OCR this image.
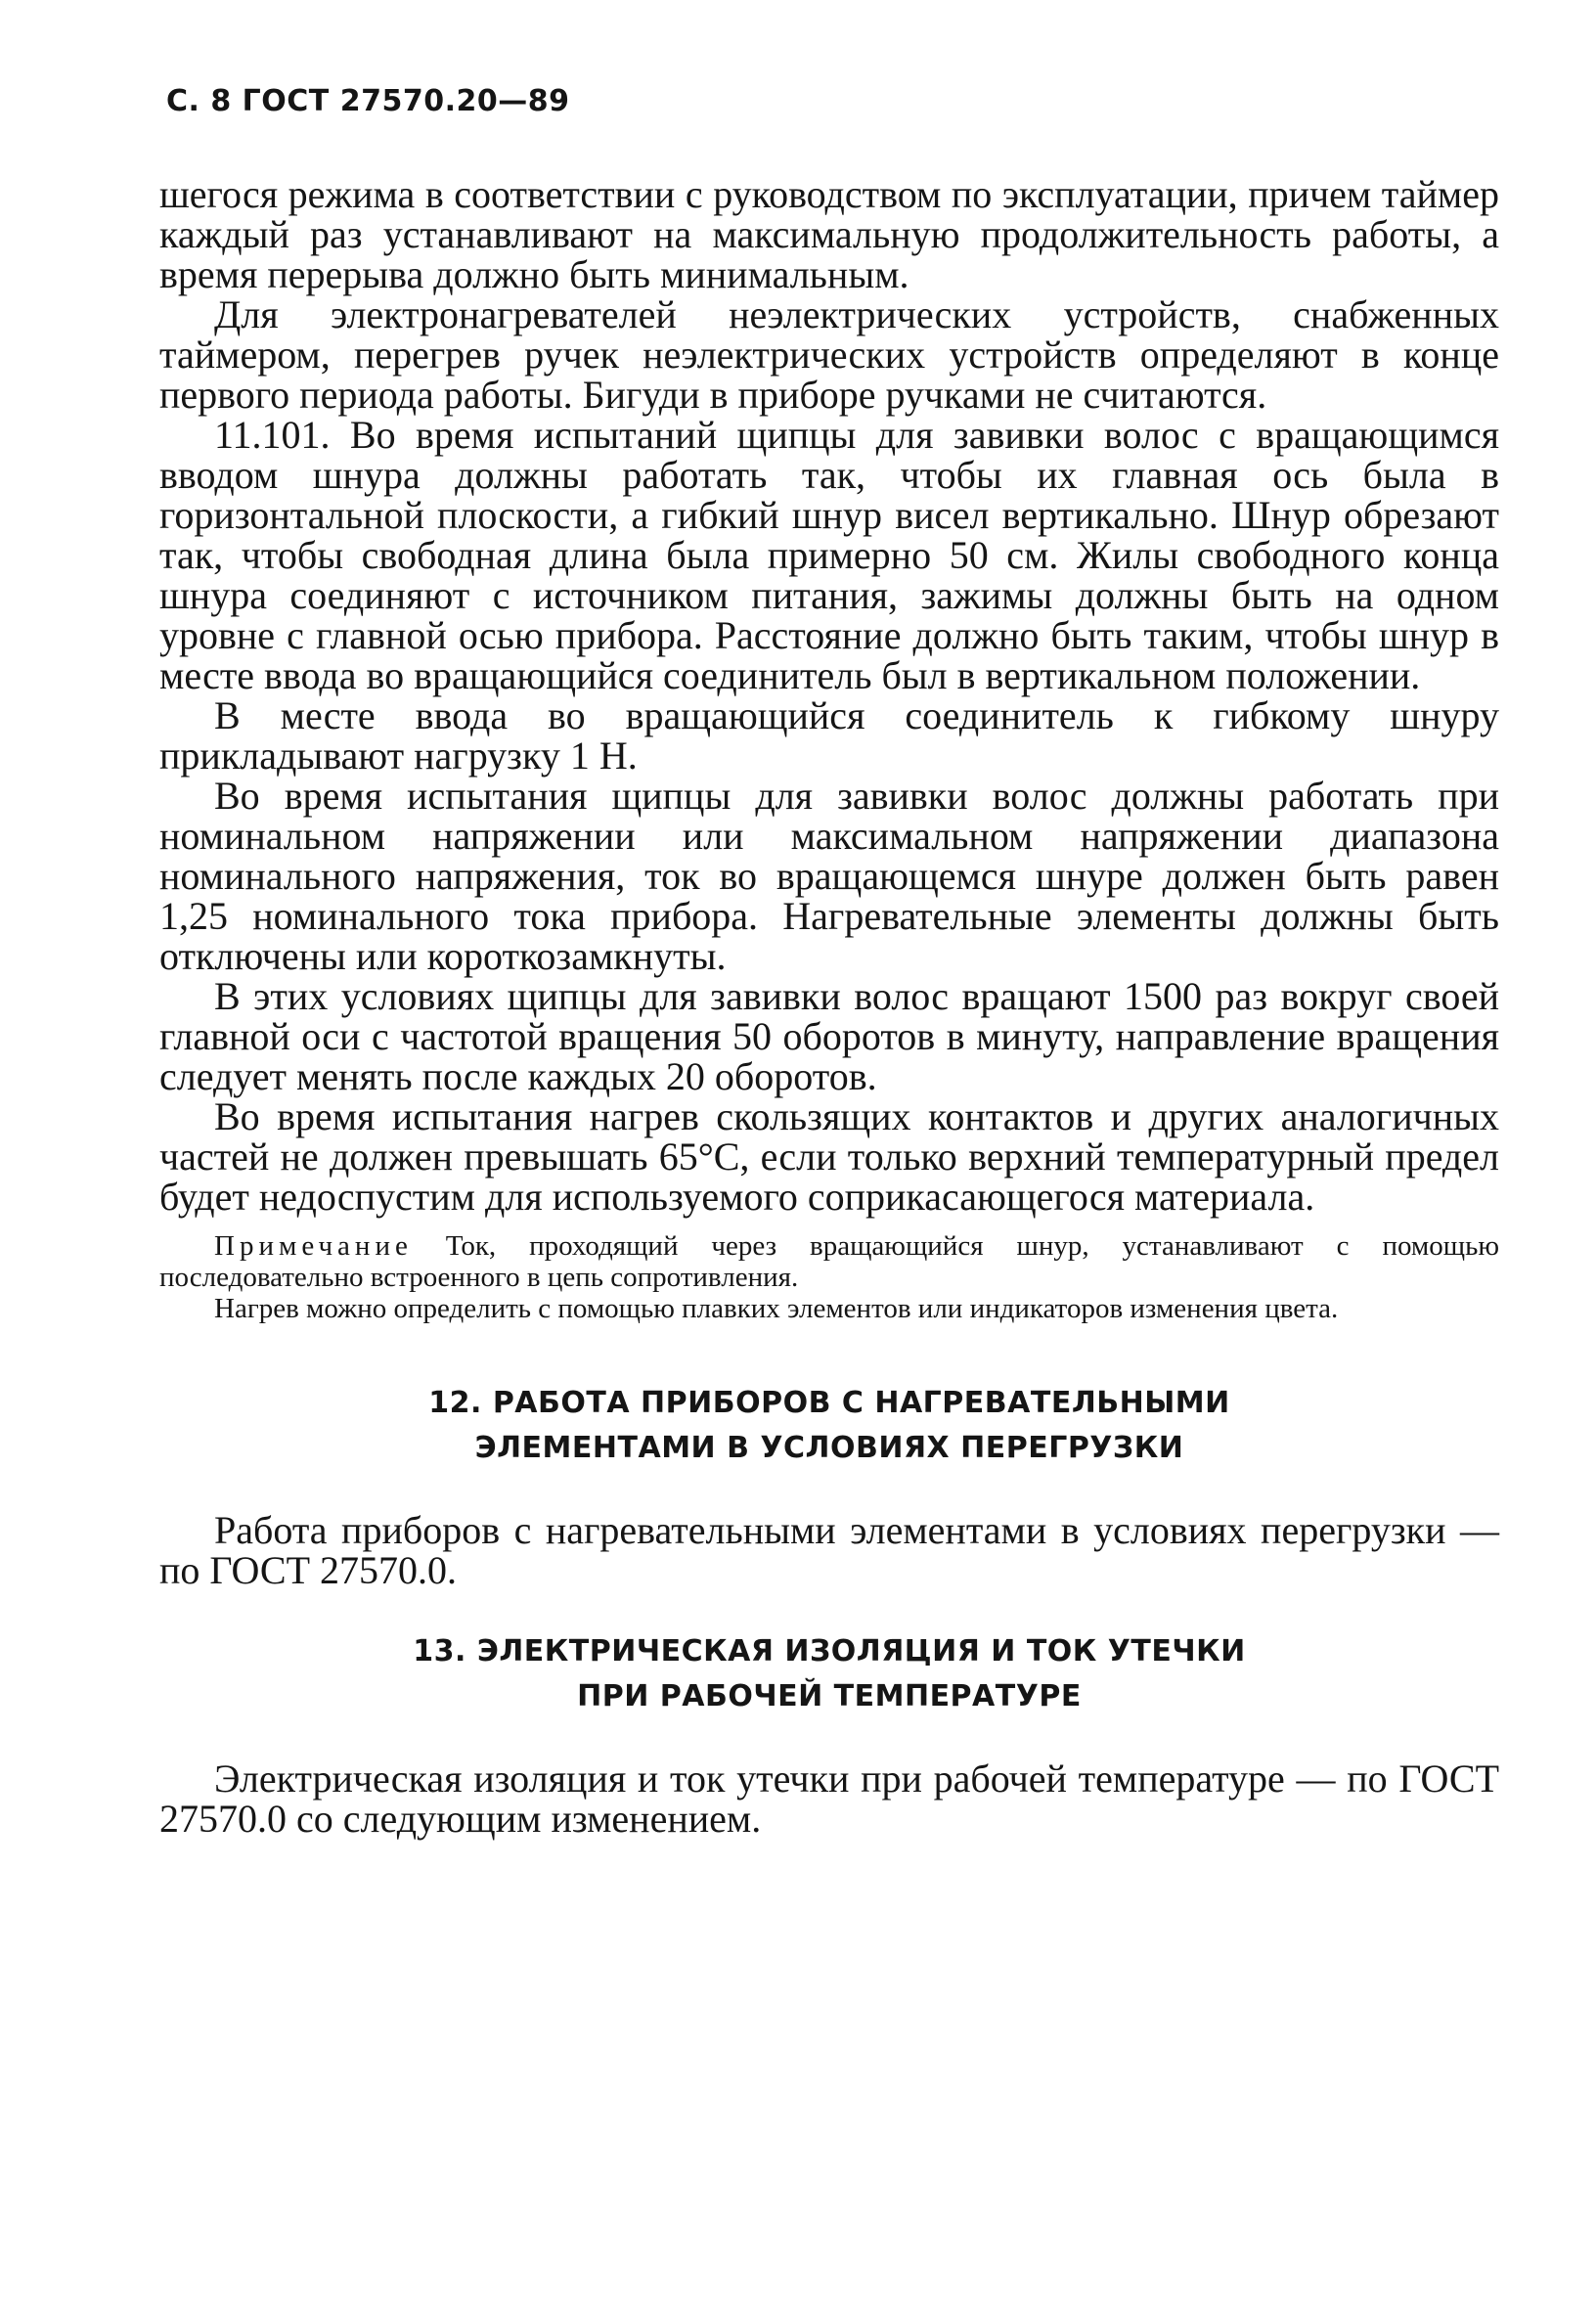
С. 8 ГОСТ 27570.20—89

шегося режима в соответствии с руководством по эксплуатации, причем таймер каждый раз устанавливают на максимальную продолжительность работы, а время перерыва должно быть минимальным.

Для электронагревателей неэлектрических устройств, снабженных таймером, перегрев ручек неэлектрических устройств определяют в конце первого периода работы. Бигуди в приборе ручками не считаются.

11.101. Во время испытаний щипцы для завивки волос с вращающимся вводом шнура должны работать так, чтобы их главная ось была в горизонтальной плоскости, а гибкий шнур висел вертикально. Шнур обрезают так, чтобы свободная длина была примерно 50 см. Жилы свободного конца шнура соединяют с источником питания, зажимы должны быть на одном уровне с главной осью прибора. Расстояние должно быть таким, чтобы шнур в месте ввода во вращающийся соединитель был в вертикальном положении.

В месте ввода во вращающийся соединитель к гибкому шнуру прикладывают нагрузку 1 Н.

Во время испытания щипцы для завивки волос должны работать при номинальном напряжении или максимальном напряжении диапазона номинального напряжения, ток во вращающемся шнуре должен быть равен 1,25 номинального тока прибора. Нагревательные элементы должны быть отключены или короткозамкнуты.

В этих условиях щипцы для завивки волос вращают 1500 раз вокруг своей главной оси с частотой вращения 50 оборотов в минуту, направление вращения следует менять после каждых 20 оборотов.

Во время испытания нагрев скользящих контактов и других аналогичных частей не должен превышать 65°С, если только верхний температурный предел будет недоспустим для используемого соприкасающегося материала.

Примечание Ток, проходящий через вращающийся шнур, устанавливают с помощью последовательно встроенного в цепь сопротивления.

Нагрев можно определить с помощью плавких элементов или индикаторов изменения цвета.

12. РАБОТА ПРИБОРОВ С НАГРЕВАТЕЛЬНЫМИ
ЭЛЕМЕНТАМИ В УСЛОВИЯХ ПЕРЕГРУЗКИ

Работа приборов с нагревательными элементами в условиях перегрузки — по ГОСТ 27570.0.

13. ЭЛЕКТРИЧЕСКАЯ ИЗОЛЯЦИЯ И ТОК УТЕЧКИ
ПРИ РАБОЧЕЙ ТЕМПЕРАТУРЕ

Электрическая изоляция и ток утечки при рабочей температуре — по ГОСТ 27570.0 со следующим изменением.
